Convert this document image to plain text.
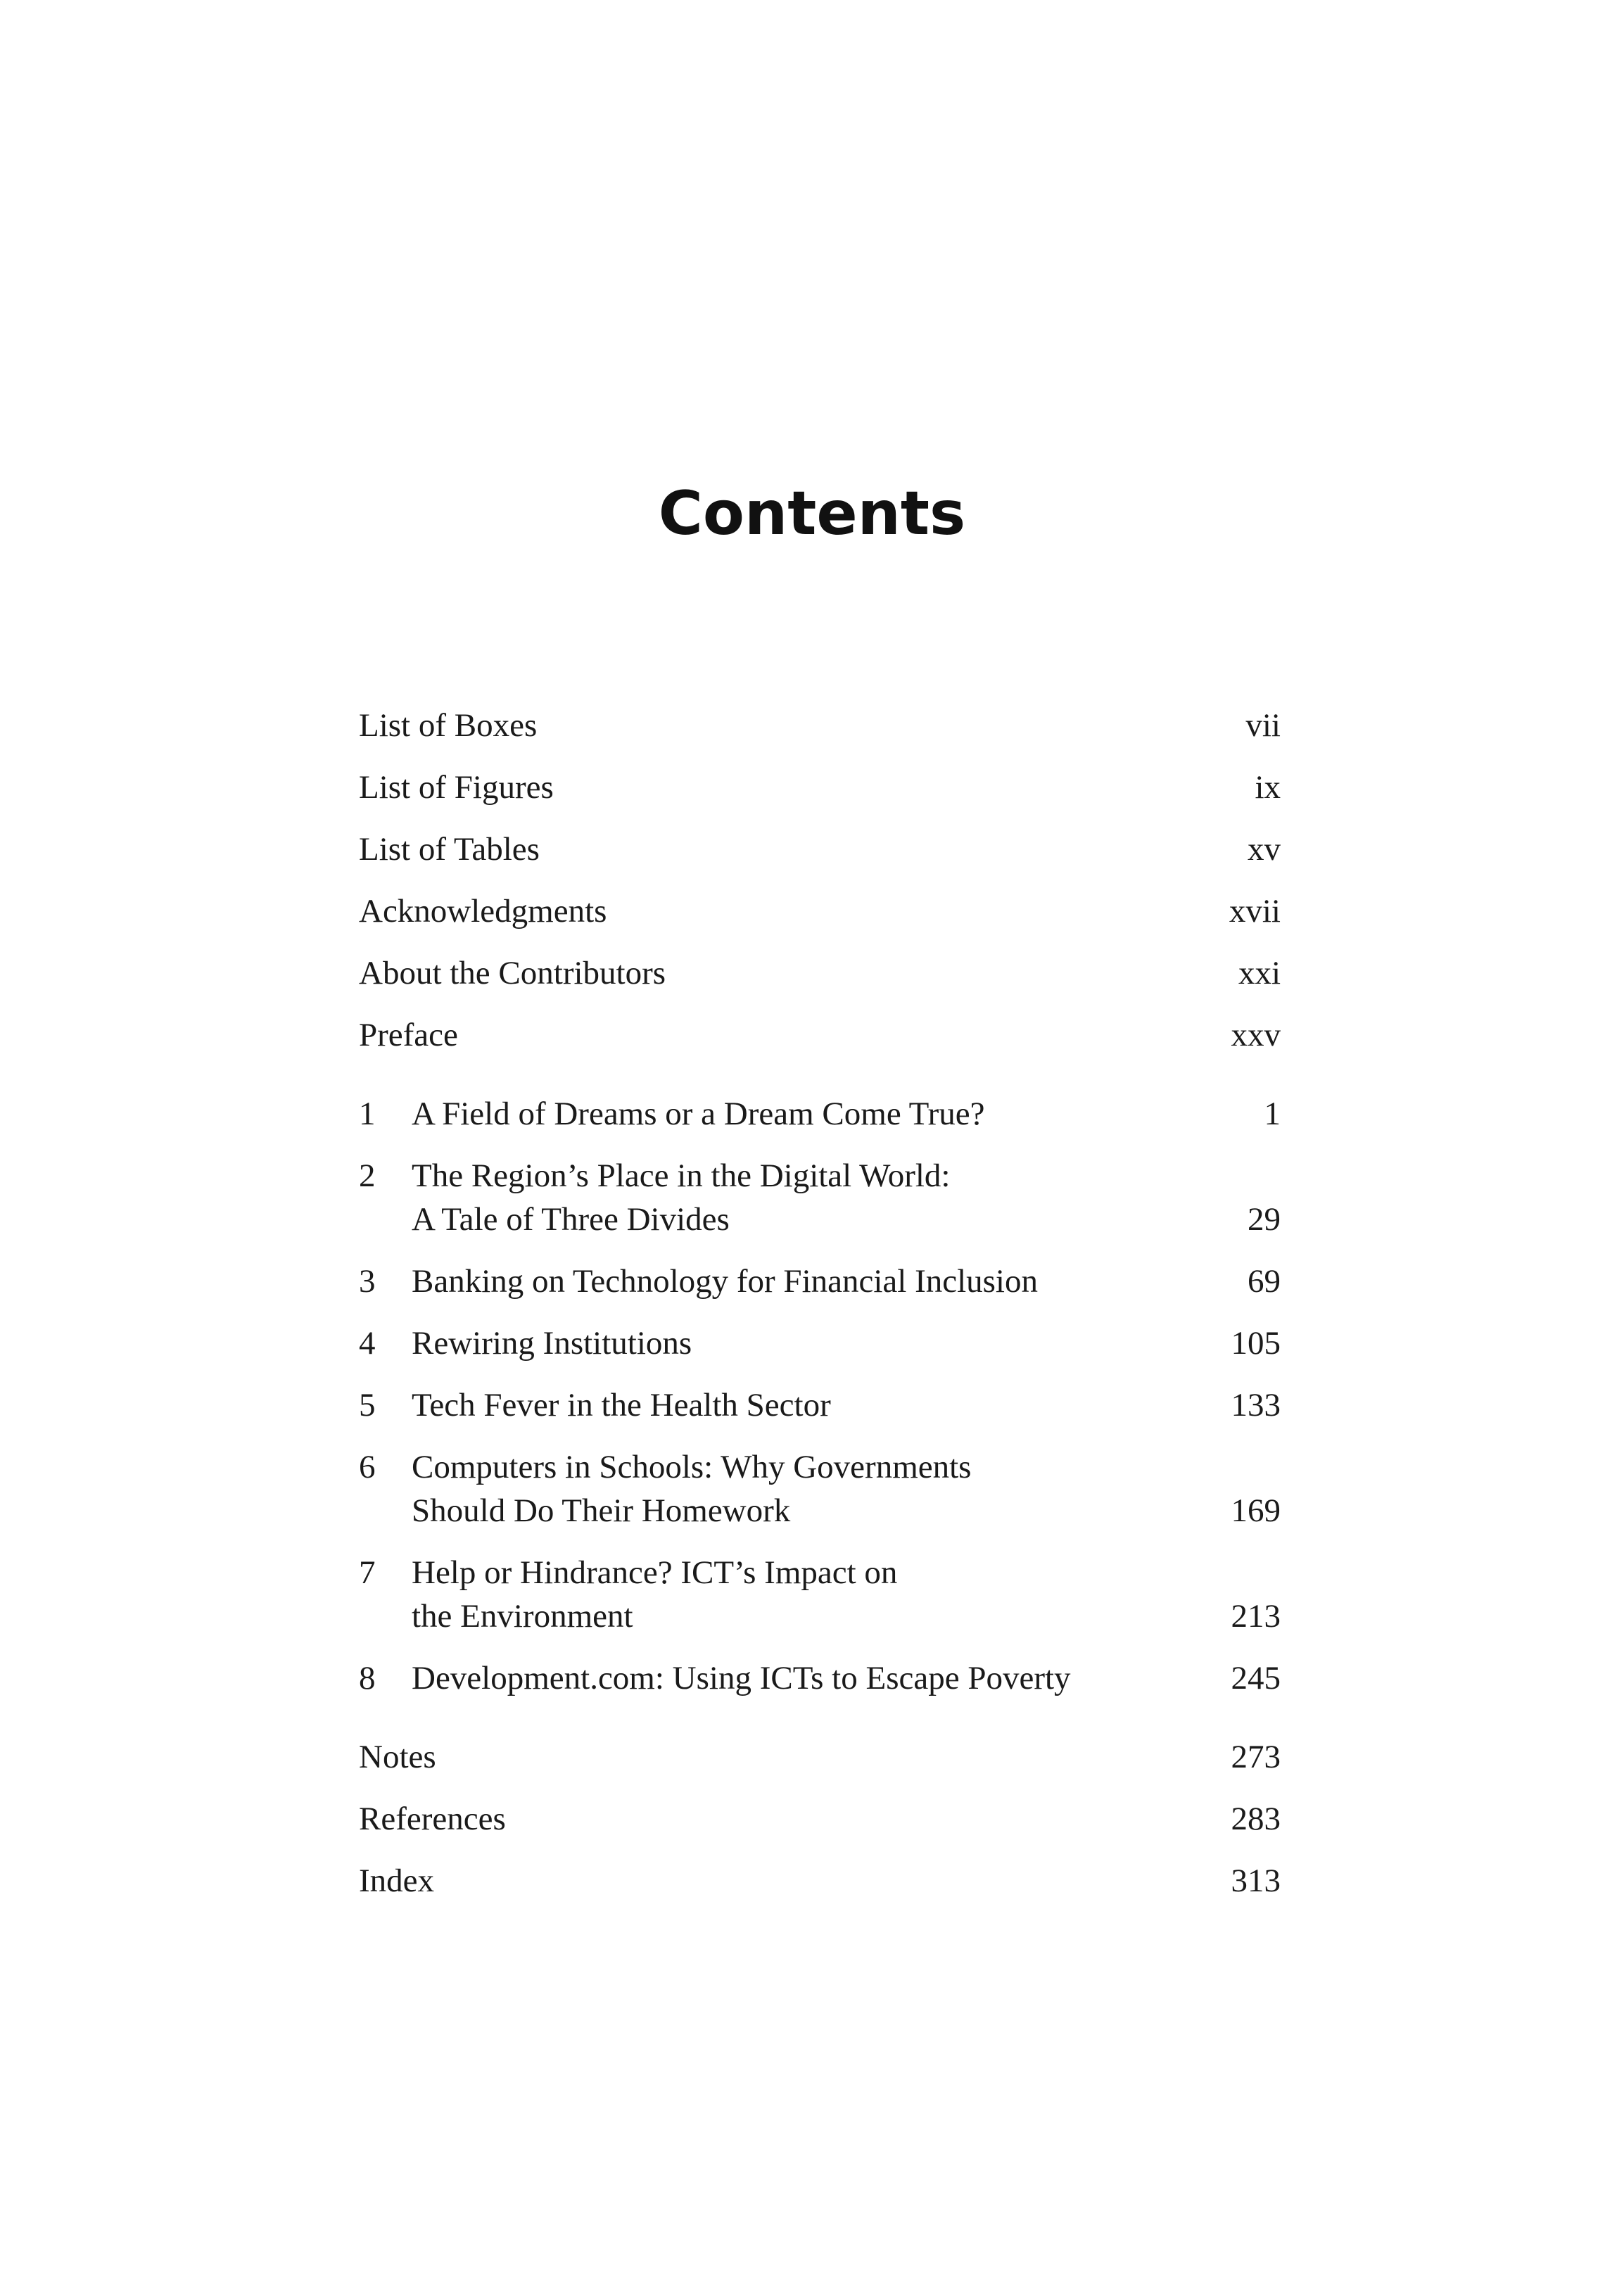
Contents
List of Boxes	vii
List of Figures	ix
List of Tables	xv
Acknowledgments	xvii
About the Contributors	xxi
Preface	xxv
1	A Field of Dreams or a Dream Come True?	1
2	The Region’s Place in the Digital World:
A Tale of Three Divides	29
3	Banking on Technology for Financial Inclusion	69
4	Rewiring Institutions	105
5	Tech Fever in the Health Sector	133
6	Computers in Schools: Why Governments
Should Do Their Homework	169
7	Help or Hindrance? ICT’s Impact on
the Environment	213
8	Development.com: Using ICTs to Escape Poverty	245
Notes	273
References	283
Index	313
